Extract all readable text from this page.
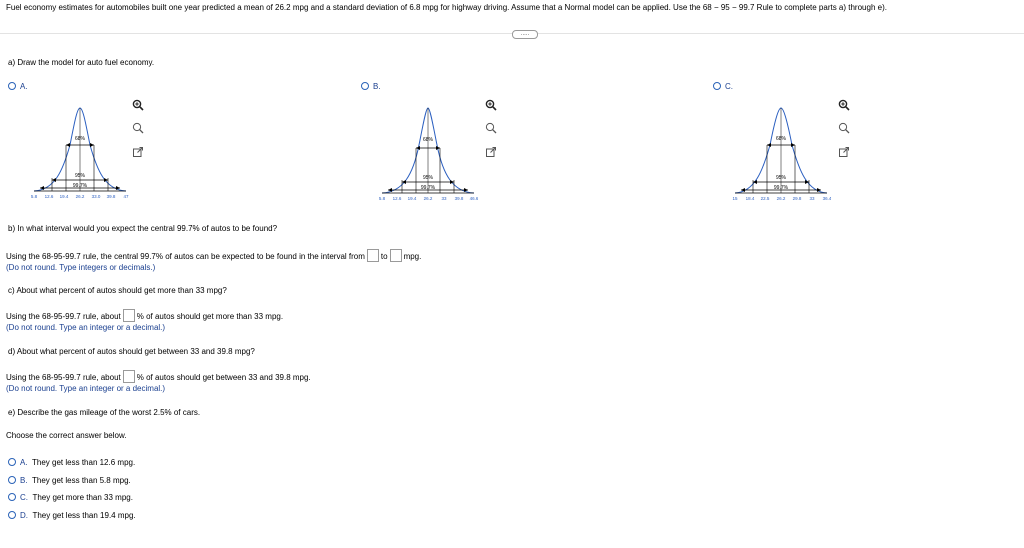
Fuel economy estimates for automobiles built one year predicted a mean of 26.2 mpg and a standard deviation of 6.8 mpg for highway driving. Assume that a Normal model can be applied. Use the 68 − 95 − 99.7 Rule to complete parts a) through e).
.....
a) Draw the model for auto fuel economy.
A.
68%
95%
99.7%
5.8 12.6 19.4 26.2 33.0 39.8 47
B.
68%
95%
99.7%
5.8 12.6 19.4 26.2 33 39.8 46.6
C.
68%
95%
99.7%
15 18.4 22.5 26.2 29.8 33 36.4
b) In what interval would you expect the central 99.7% of autos to be found?
Using the 68-95-99.7 rule, the central 99.7% of autos can be expected to be found in the interval from to mpg.
(Do not round. Type integers or decimals.)
c) About what percent of autos should get more than 33 mpg?
Using the 68-95-99.7 rule, about % of autos should get more than 33 mpg.
(Do not round. Type an integer or a decimal.)
d) About what percent of autos should get between 33 and 39.8 mpg?
Using the 68-95-99.7 rule, about % of autos should get between 33 and 39.8 mpg.
(Do not round. Type an integer or a decimal.)
e) Describe the gas mileage of the worst 2.5% of cars.
Choose the correct answer below.
A. They get less than 12.6 mpg.
B. They get less than 5.8 mpg.
C. They get more than 33 mpg.
D. They get less than 19.4 mpg.
